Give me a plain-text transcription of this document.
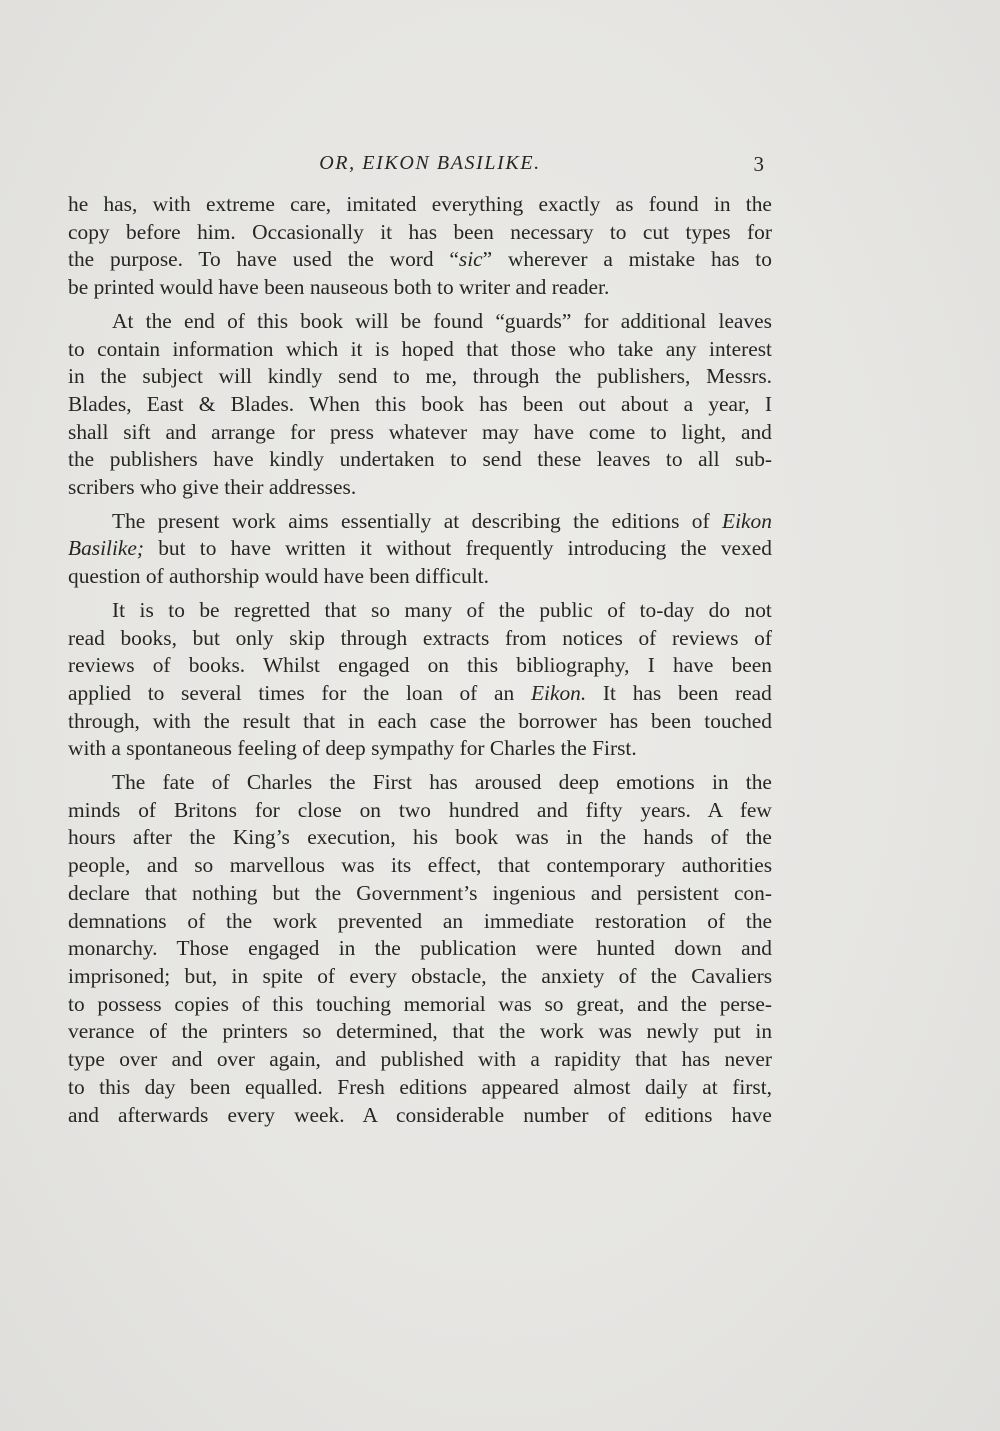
OR, EIKON BASILIKE.	3

he has, with extreme care, imitated everything exactly as found in the
copy before him. Occasionally it has been necessary to cut types for
the purpose. To have used the word “sic” wherever a mistake has to
be printed would have been nauseous both to writer and reader.

At the end of this book will be found “guards” for additional leaves
to contain information which it is hoped that those who take any interest
in the subject will kindly send to me, through the publishers, Messrs.
Blades, East & Blades. When this book has been out about a year, I
shall sift and arrange for press whatever may have come to light, and
the publishers have kindly undertaken to send these leaves to all sub-
scribers who give their addresses.

The present work aims essentially at describing the editions of Eikon
Basilike; but to have written it without frequently introducing the vexed
question of authorship would have been difficult.

It is to be regretted that so many of the public of to-day do not
read books, but only skip through extracts from notices of reviews of
reviews of books. Whilst engaged on this bibliography, I have been
applied to several times for the loan of an Eikon. It has been read
through, with the result that in each case the borrower has been touched
with a spontaneous feeling of deep sympathy for Charles the First.

The fate of Charles the First has aroused deep emotions in the
minds of Britons for close on two hundred and fifty years. A few
hours after the King’s execution, his book was in the hands of the
people, and so marvellous was its effect, that contemporary authorities
declare that nothing but the Government’s ingenious and persistent con-
demnations of the work prevented an immediate restoration of the
monarchy. Those engaged in the publication were hunted down and
imprisoned; but, in spite of every obstacle, the anxiety of the Cavaliers
to possess copies of this touching memorial was so great, and the perse-
verance of the printers so determined, that the work was newly put in
type over and over again, and published with a rapidity that has never
to this day been equalled. Fresh editions appeared almost daily at first,
and afterwards every week. A considerable number of editions have
